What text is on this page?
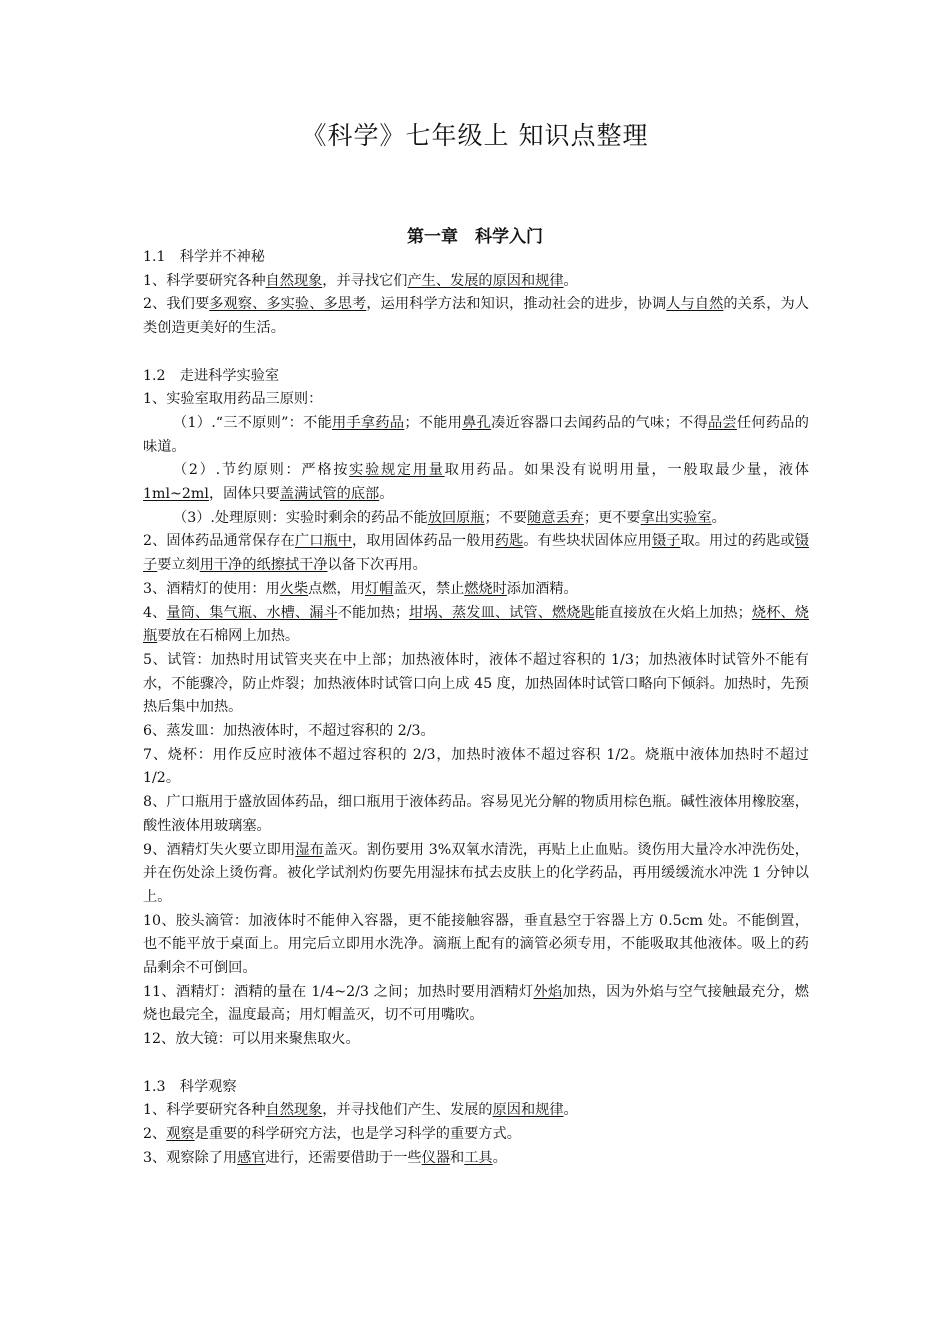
《科学》七年级上 知识点整理
第一章　科学入门

1.1　科学并不神秘

1、科学要研究各种自然现象，并寻找它们产生、发展的原因和规律。

2、我们要多观察、多实验、多思考，运用科学方法和知识，推动社会的进步，协调人与自然的关系，为人类创造更美好的生活。

1.2　走进科学实验室

1、实验室取用药品三原则：

（1）.“三不原则”：不能用手拿药品；不能用鼻孔凑近容器口去闻药品的气味；不得品尝任何药品的味道。

（2）.节约原则：严格按实验规定用量取用药品。如果没有说明用量，一般取最少量，液体1ml~2ml，固体只要盖满试管的底部。

（3）.处理原则：实验时剩余的药品不能放回原瓶；不要随意丢弃；更不要拿出实验室。

2、固体药品通常保存在广口瓶中，取用固体药品一般用药匙。有些块状固体应用镊子取。用过的药匙或镊子要立刻用干净的纸擦拭干净以备下次再用。

3、酒精灯的使用：用火柴点燃，用灯帽盖灭，禁止燃烧时添加酒精。

4、量筒、集气瓶、水槽、漏斗不能加热；坩埚、蒸发皿、试管、燃烧匙能直接放在火焰上加热；烧杯、烧瓶要放在石棉网上加热。

5、试管：加热时用试管夹夹在中上部；加热液体时，液体不超过容积的 1/3；加热液体时试管外不能有水，不能骤冷，防止炸裂；加热液体时试管口向上成 45 度，加热固体时试管口略向下倾斜。加热时，先预热后集中加热。

6、蒸发皿：加热液体时，不超过容积的 2/3。

7、烧杯：用作反应时液体不超过容积的 2/3，加热时液体不超过容积 1/2。烧瓶中液体加热时不超过 1/2。

8、广口瓶用于盛放固体药品，细口瓶用于液体药品。容易见光分解的物质用棕色瓶。碱性液体用橡胶塞，酸性液体用玻璃塞。

9、酒精灯失火要立即用湿布盖灭。割伤要用 3%双氧水清洗，再贴上止血贴。烫伤用大量冷水冲洗伤处，并在伤处涂上烫伤膏。被化学试剂灼伤要先用湿抹布拭去皮肤上的化学药品，再用缓缓流水冲洗 1 分钟以上。

10、胶头滴管：加液体时不能伸入容器，更不能接触容器，垂直悬空于容器上方 0.5cm 处。不能倒置，也不能平放于桌面上。用完后立即用水洗净。滴瓶上配有的滴管必须专用，不能吸取其他液体。吸上的药品剩余不可倒回。

11、酒精灯：酒精的量在 1/4~2/3 之间；加热时要用酒精灯外焰加热，因为外焰与空气接触最充分，燃烧也最完全，温度最高；用灯帽盖灭，切不可用嘴吹。

12、放大镜：可以用来聚焦取火。

1.3　科学观察

1、科学要研究各种自然现象，并寻找他们产生、发展的原因和规律。

2、观察是重要的科学研究方法，也是学习科学的重要方式。

3、观察除了用感官进行，还需要借助于一些仪器和工具。
